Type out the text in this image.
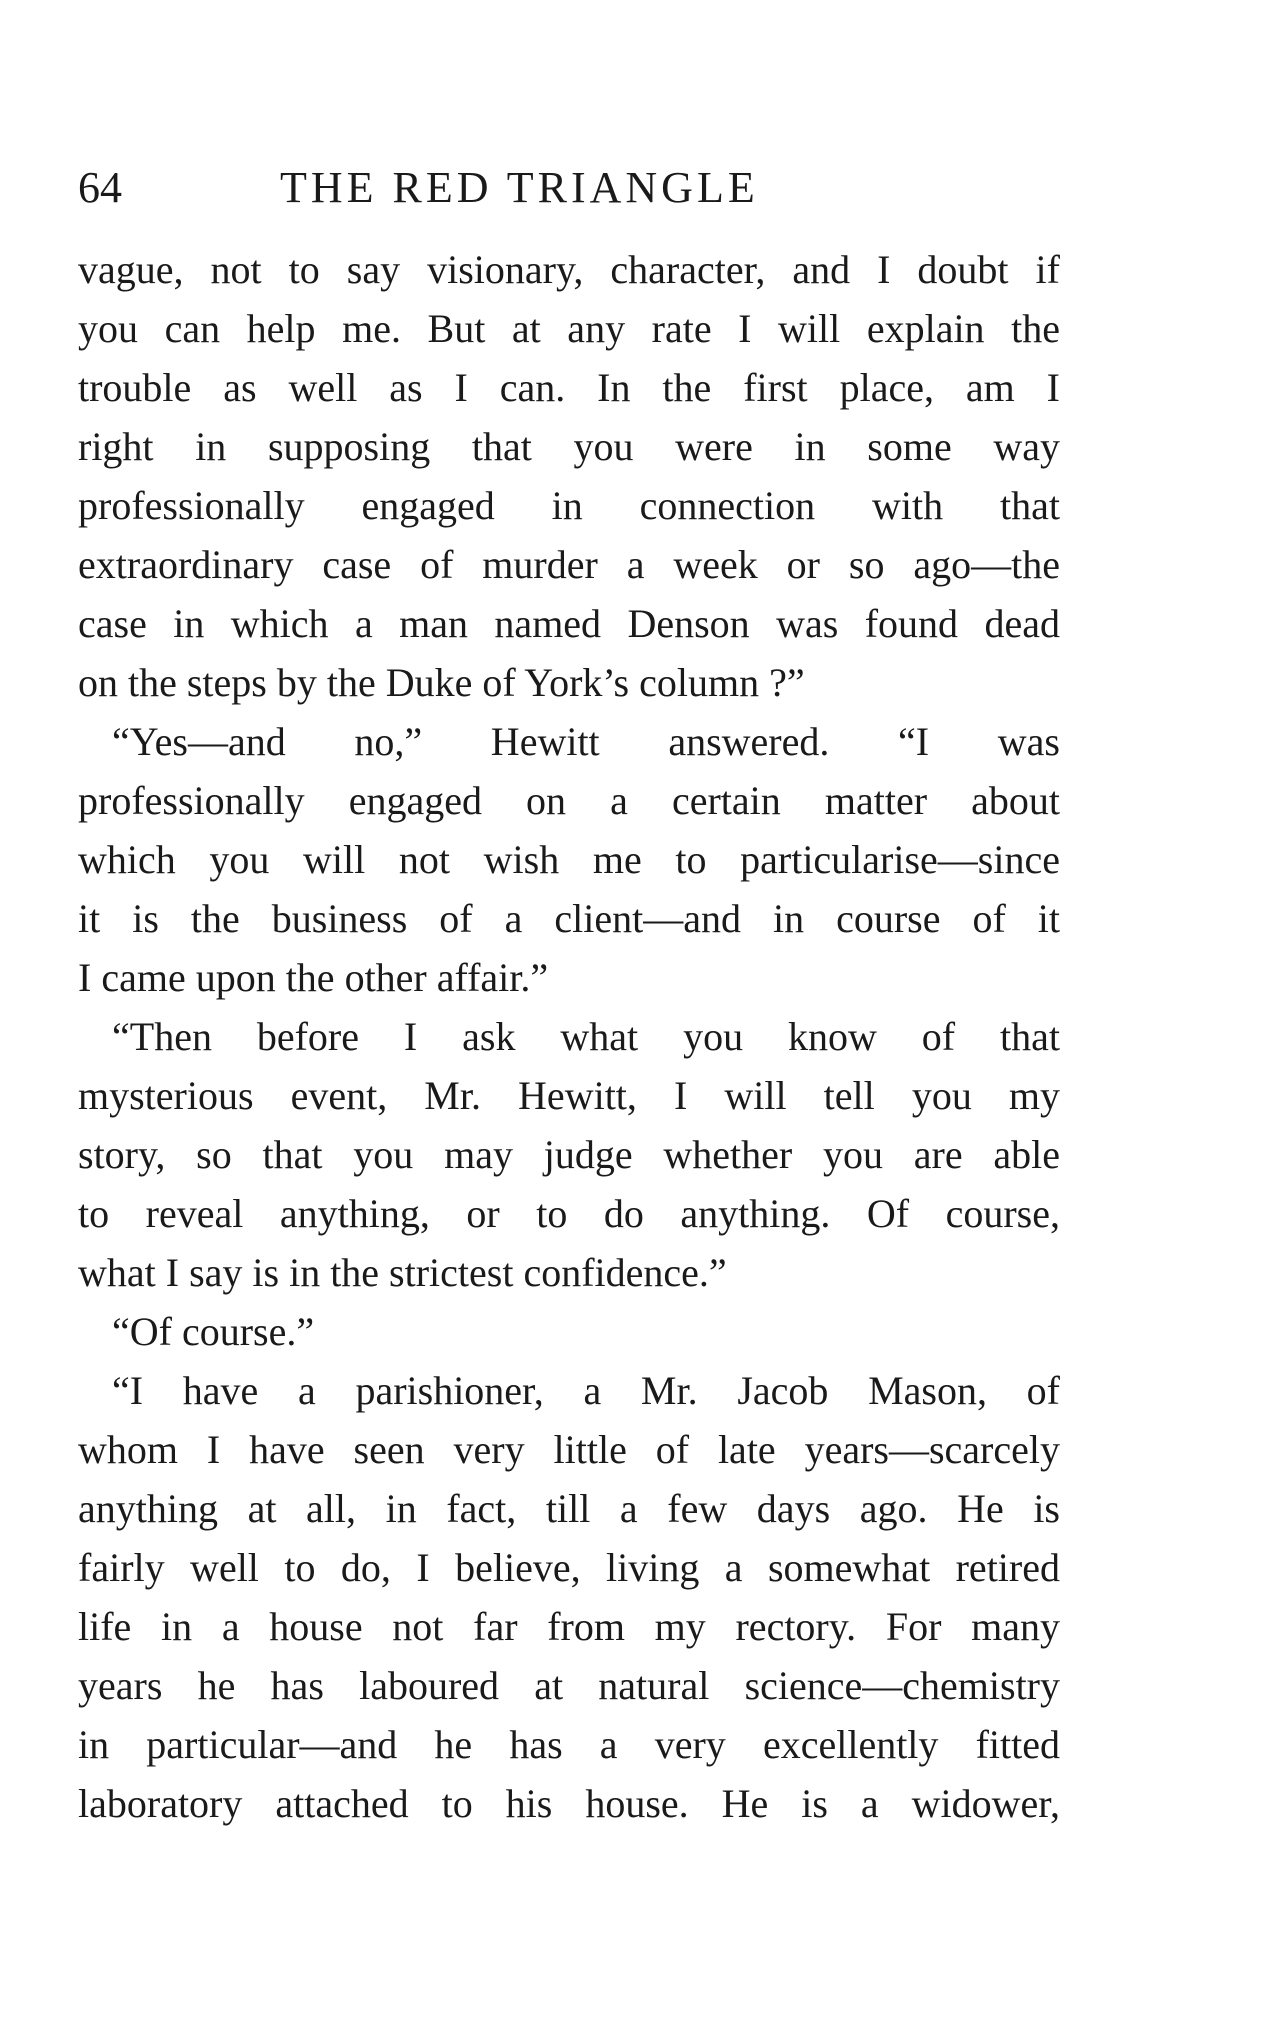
64	THE RED TRIANGLE
vague, not to say visionary, character, and I doubt if
you can help me. But at any rate I will explain the
trouble as well as I can. In the first place, am I
right in supposing that you were in some way
professionally engaged in connection with that
extraordinary case of murder a week or so ago—the
case in which a man named Denson was found dead
on the steps by the Duke of York’s column ?”
“Yes—and no,” Hewitt answered. “I was
professionally engaged on a certain matter about
which you will not wish me to particularise—since
it is the business of a client—and in course of it
I came upon the other affair.”
“Then before I ask what you know of that
mysterious event, Mr. Hewitt, I will tell you my
story, so that you may judge whether you are able
to reveal anything, or to do anything. Of course,
what I say is in the strictest confidence.”
“Of course.”
“I have a parishioner, a Mr. Jacob Mason, of
whom I have seen very little of late years—scarcely
anything at all, in fact, till a few days ago. He is
fairly well to do, I believe, living a somewhat retired
life in a house not far from my rectory. For many
years he has laboured at natural science—chemistry
in particular—and he has a very excellently fitted
laboratory attached to his house. He is a widower,
